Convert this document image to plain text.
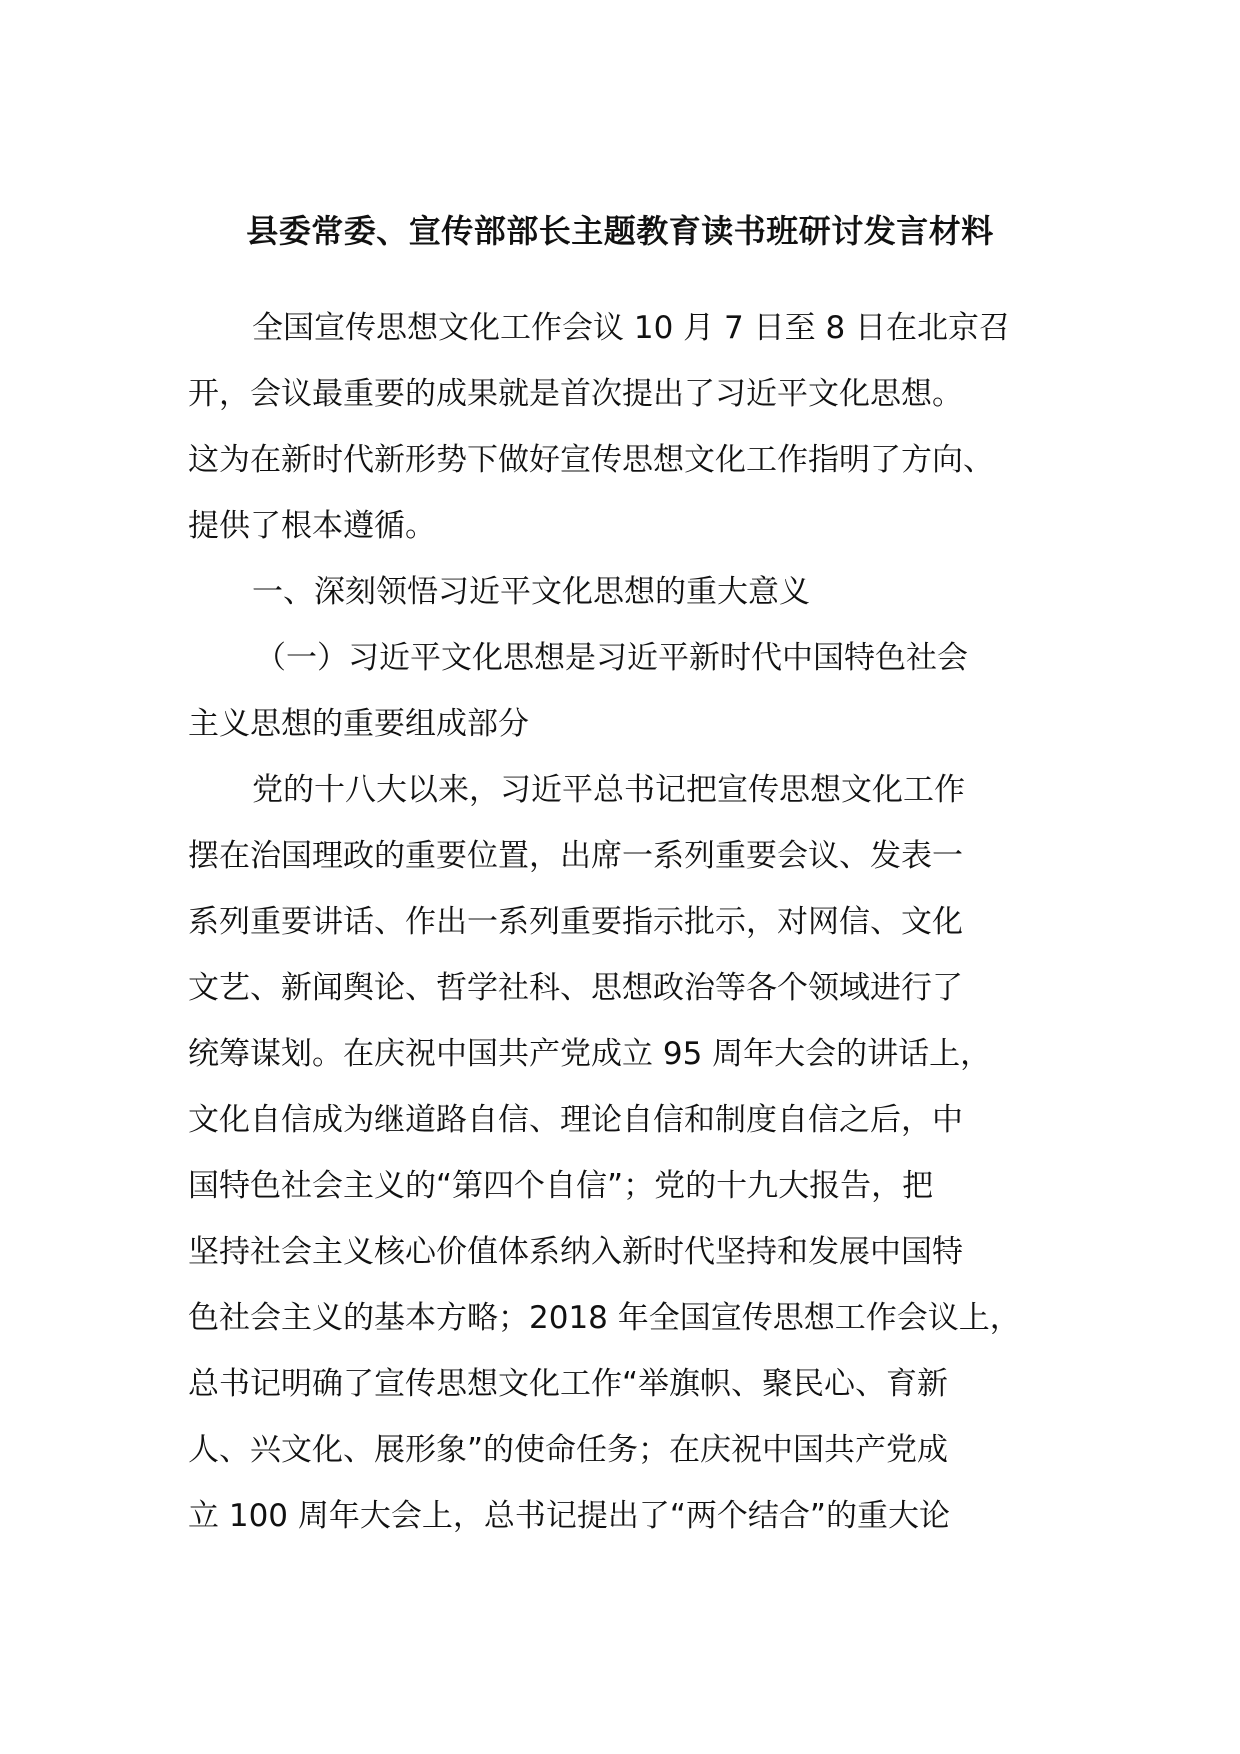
县委常委、宣传部部长主题教育读书班研讨发言材料
全国宣传思想文化工作会议 10 月 7 日至 8 日在北京召
开，会议最重要的成果就是首次提出了习近平文化思想。
这为在新时代新形势下做好宣传思想文化工作指明了方向、
提供了根本遵循。
一、深刻领悟习近平文化思想的重大意义
（一）习近平文化思想是习近平新时代中国特色社会
主义思想的重要组成部分
党的十八大以来，习近平总书记把宣传思想文化工作
摆在治国理政的重要位置，出席一系列重要会议、发表一
系列重要讲话、作出一系列重要指示批示，对网信、文化
文艺、新闻舆论、哲学社科、思想政治等各个领域进行了
统筹谋划。在庆祝中国共产党成立 95 周年大会的讲话上，
文化自信成为继道路自信、理论自信和制度自信之后，中
国特色社会主义的“第四个自信”；党的十九大报告，把
坚持社会主义核心价值体系纳入新时代坚持和发展中国特
色社会主义的基本方略；2018 年全国宣传思想工作会议上，
总书记明确了宣传思想文化工作“举旗帜、聚民心、育新
人、兴文化、展形象”的使命任务；在庆祝中国共产党成
立 100 周年大会上，总书记提出了“两个结合”的重大论
